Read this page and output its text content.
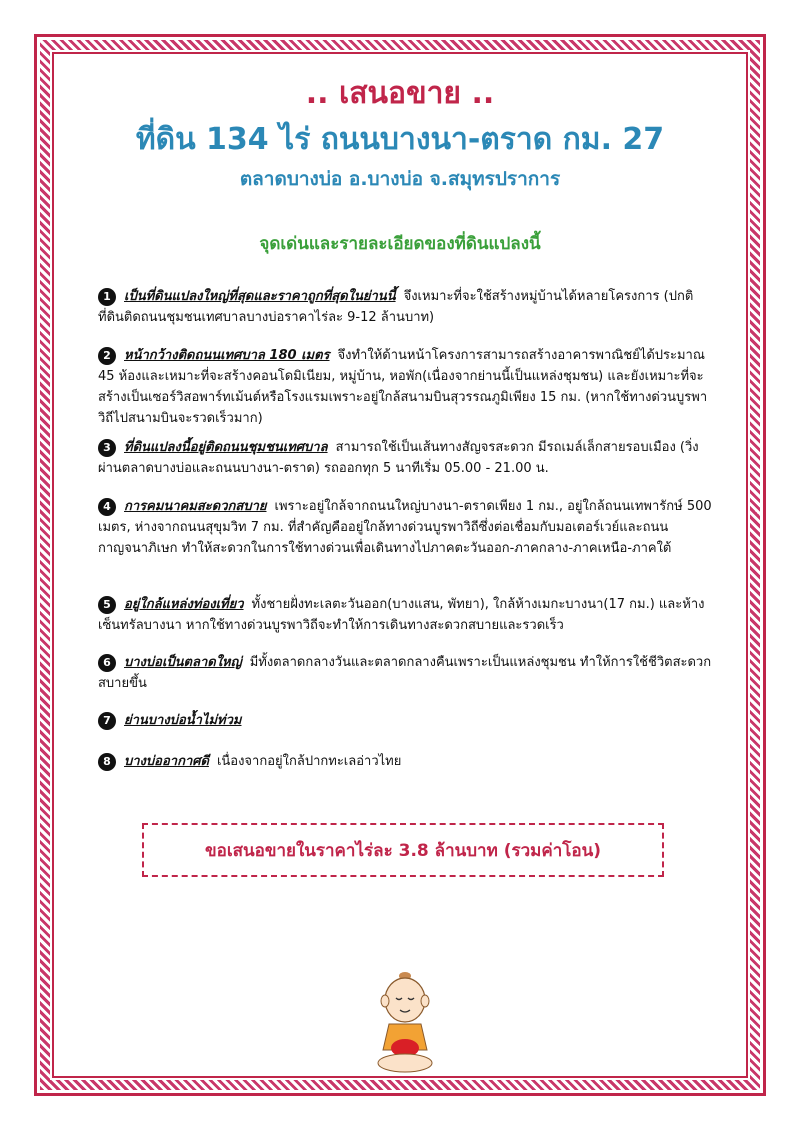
.. เสนอขาย ..
ที่ดิน 134 ไร่ ถนนบางนา-ตราด กม. 27
ตลาดบางบ่อ อ.บางบ่อ จ.สมุทรปราการ
จุดเด่นและรายละเอียดของที่ดินแปลงนี้
1 เป็นที่ดินแปลงใหญ่ที่สุดและราคาถูกที่สุดในย่านนี้ จึงเหมาะที่จะใช้สร้างหมู่บ้านได้หลายโครงการ (ปกติที่ดินติดถนนชุมชนเทศบาลบางบ่อราคาไร่ละ 9-12 ล้านบาท)
2 หน้ากว้างติดถนนเทศบาล 180 เมตร จึงทำให้ด้านหน้าโครงการสามารถสร้างอาคารพาณิชย์ได้ประมาณ 45 ห้องและเหมาะที่จะสร้างคอนโดมิเนียม, หมู่บ้าน, หอพัก(เนื่องจากย่านนี้เป็นแหล่งชุมชน) และยังเหมาะที่จะสร้างเป็นเซอร์วิสอพาร์ทเม้นต์หรือโรงแรมเพราะอยู่ใกล้สนามบินสุวรรณภูมิเพียง 15 กม. (หากใช้ทางด่วนบูรพาวิถีไปสนามบินจะรวดเร็วมาก)
3 ที่ดินแปลงนี้อยู่ติดถนนชุมชนเทศบาล สามารถใช้เป็นเส้นทางสัญจรสะดวก มีรถเมล์เล็กสายรอบเมือง (วิ่งผ่านตลาดบางบ่อและถนนบางนา-ตราด) รถออกทุก 5 นาทีเริ่ม 05.00 - 21.00 น.
4 การคมนาคมสะดวกสบาย เพราะอยู่ใกล้จากถนนใหญ่บางนา-ตราดเพียง 1 กม., อยู่ใกล้ถนนเทพารักษ์ 500 เมตร, ห่างจากถนนสุขุมวิท 7 กม. ที่สำคัญคืออยู่ใกล้ทางด่วนบูรพาวิถีซึ่งต่อเชื่อมกับมอเตอร์เวย์และถนนกาญจนาภิเษก ทำให้สะดวกในการใช้ทางด่วนเพื่อเดินทางไปภาคตะวันออก-ภาคกลาง-ภาคเหนือ-ภาคใต้
5 อยู่ใกล้แหล่งท่องเที่ยว ทั้งชายฝั่งทะเลตะวันออก(บางแสน, พัทยา), ใกล้ห้างเมกะบางนา(17 กม.) และห้างเซ็นทรัลบางนา หากใช้ทางด่วนบูรพาวิถีจะทำให้การเดินทางสะดวกสบายและรวดเร็ว
6 บางบ่อเป็นตลาดใหญ่ มีทั้งตลาดกลางวันและตลาดกลางคืนเพราะเป็นแหล่งชุมชน ทำให้การใช้ชีวิตสะดวกสบายขึ้น
7 ย่านบางบ่อน้ำไม่ท่วม
8 บางบ่ออากาศดี เนื่องจากอยู่ใกล้ปากทะเลอ่าวไทย
ขอเสนอขายในราคาไร่ละ 3.8 ล้านบาท (รวมค่าโอน)
